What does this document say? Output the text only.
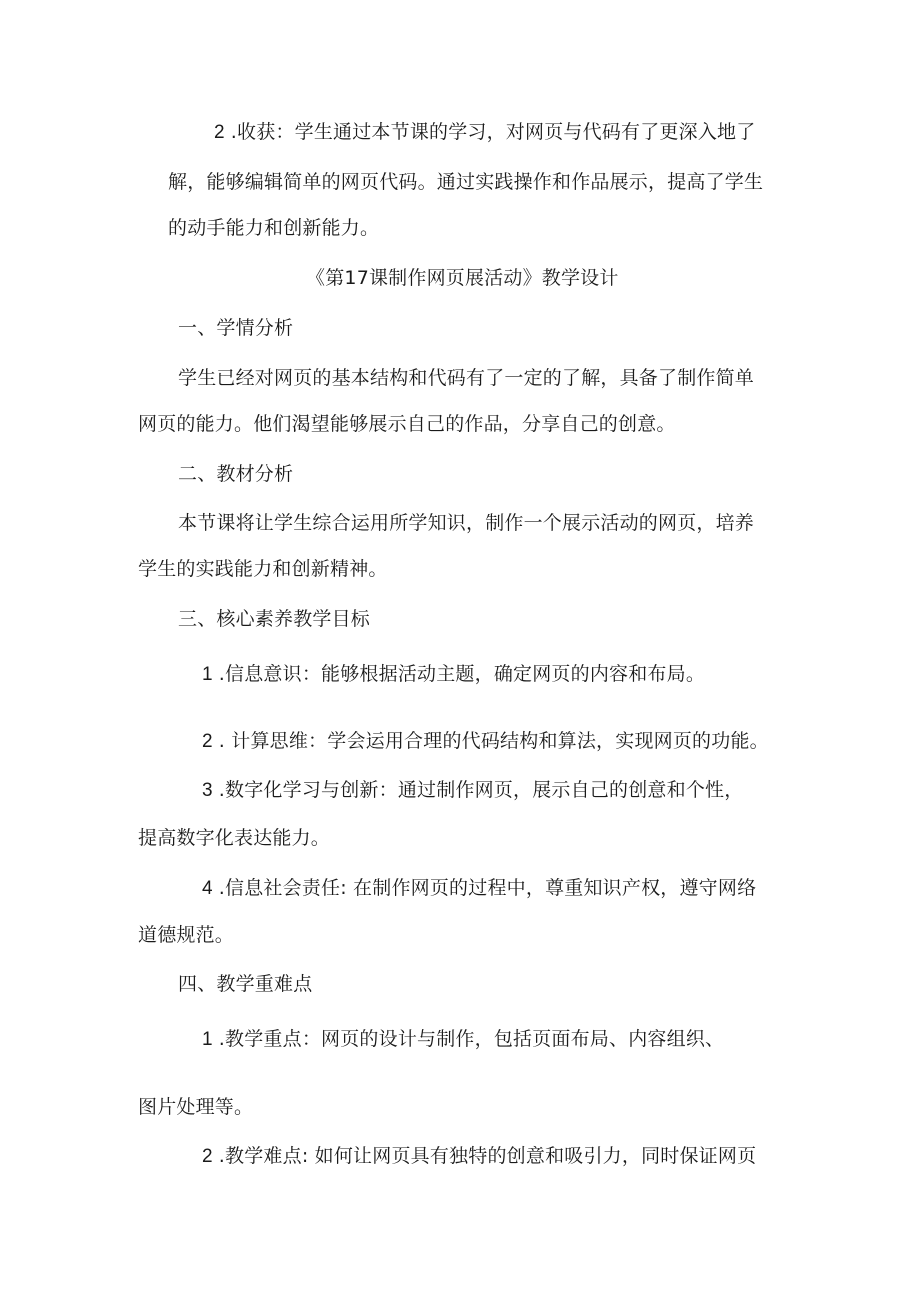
2 .收获：学生通过本节课的学习，对网页与代码有了更深入地了
解，能够编辑简单的网页代码。通过实践操作和作品展示，提高了学生
的动手能力和创新能力。
《第17课制作网页展活动》教学设计
一、学情分析
学生已经对网页的基本结构和代码有了一定的了解，具备了制作简单
网页的能力。他们渴望能够展示自己的作品，分享自己的创意。
二、教材分析
本节课将让学生综合运用所学知识，制作一个展示活动的网页，培养
学生的实践能力和创新精神。
三、核心素养教学目标
1 .信息意识：能够根据活动主题，确定网页的内容和布局。
2 . 计算思维：学会运用合理的代码结构和算法，实现网页的功能。
3 .数字化学习与创新：通过制作网页，展示自己的创意和个性，
提高数字化表达能力。
4 .信息社会责任: 在制作网页的过程中，尊重知识产权，遵守网络
道德规范。
四、教学重难点
1 .教学重点：网页的设计与制作，包括页面布局、内容组织、
图片处理等。
2 .教学难点: 如何让网页具有独特的创意和吸引力，同时保证网页
